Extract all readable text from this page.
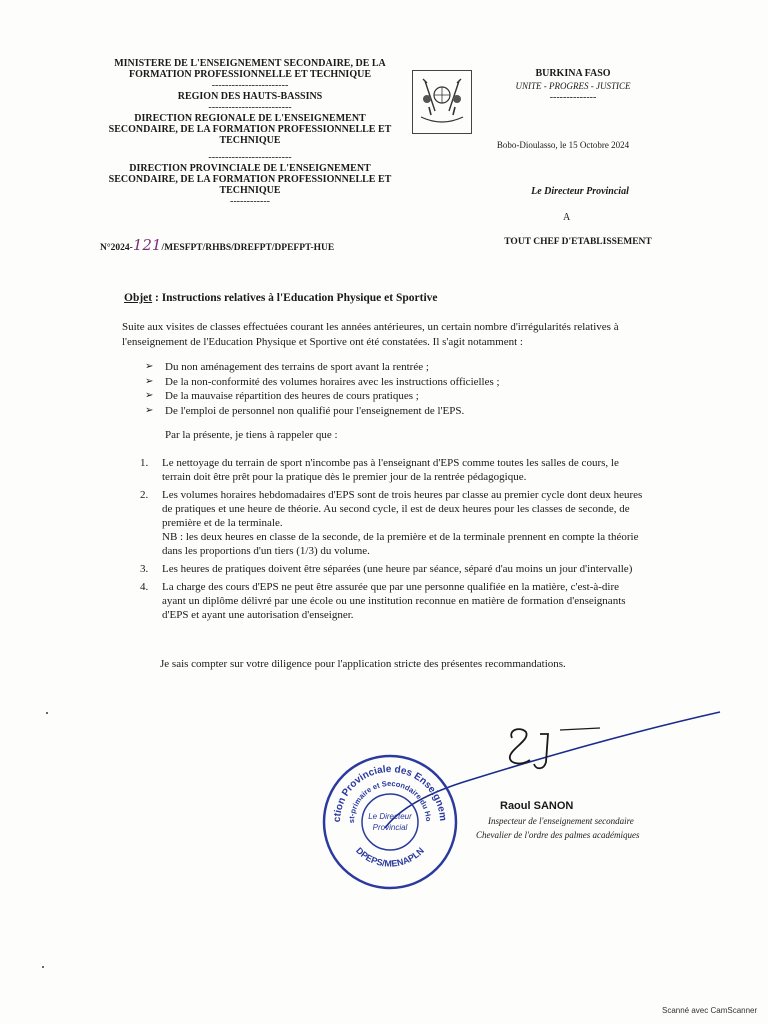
MINISTERE DE L'ENSEIGNEMENT SECONDAIRE, DE LA FORMATION PROFESSIONNELLE ET TECHNIQUE
-----------------------
REGION DES HAUTS-BASSINS
-------------------------
DIRECTION REGIONALE DE L'ENSEIGNEMENT SECONDAIRE, DE LA FORMATION PROFESSIONNELLE ET TECHNIQUE
-------------------------
DIRECTION PROVINCIALE DE L'ENSEIGNEMENT SECONDAIRE, DE LA FORMATION PROFESSIONNELLE ET TECHNIQUE
------------
BURKINA FASO
UNITE - PROGRES - JUSTICE
--------------
Bobo-Dioulasso, le 15 Octobre 2024
Le Directeur Provincial
A
TOUT CHEF D'ETABLISSEMENT
N°2024-121/MESFPT/RHBS/DREFPT/DPEFPT-HUE
Objet : Instructions relatives à l'Education Physique et Sportive
Suite aux visites de classes effectuées courant les années antérieures, un certain nombre d'irrégularités relatives à l'enseignement de l'Education Physique et Sportive ont été constatées. Il s'agit notamment :
➢ Du non aménagement des terrains de sport avant la rentrée ;
➢ De la non-conformité des volumes horaires avec les instructions officielles ;
➢ De la mauvaise répartition des heures de cours pratiques ;
➢ De l'emploi de personnel non qualifié pour l'enseignement de l'EPS.
Par la présente, je tiens à rappeler que :
1. Le nettoyage du terrain de sport n'incombe pas à l'enseignant d'EPS comme toutes les salles de cours, le terrain doit être prêt pour la pratique dès le premier jour de la rentrée pédagogique.
2. Les volumes horaires hebdomadaires d'EPS sont de trois heures par classe au premier cycle dont deux heures de pratiques et une heure de théorie. Au second cycle, il est de deux heures pour les classes de seconde, de première et de la terminale.
NB : les deux heures en classe de la seconde, de la première et de la terminale prennent en compte la théorie dans les proportions d'un tiers (1/3) du volume.
3. Les heures de pratiques doivent être séparées (une heure par séance, séparé d'au moins un jour d'intervalle)
4. La charge des cours d'EPS ne peut être assurée que par une personne qualifiée en la matière, c'est-à-dire ayant un diplôme délivré par une école ou une institution reconnue en matière de formation d'enseignants d'EPS et ayant une autorisation d'enseigner.
Je sais compter sur votre diligence pour l'application stricte des présentes recommandations.
ction Provinciale des Enseignem
st-primaire et Secondaire du Ho
Le Directeur
Provincial
DPEPS/MENAPLN
Raoul SANON
Inspecteur de l'enseignement secondaire
Chevalier de l'ordre des palmes académiques
Scanné avec CamScanner
